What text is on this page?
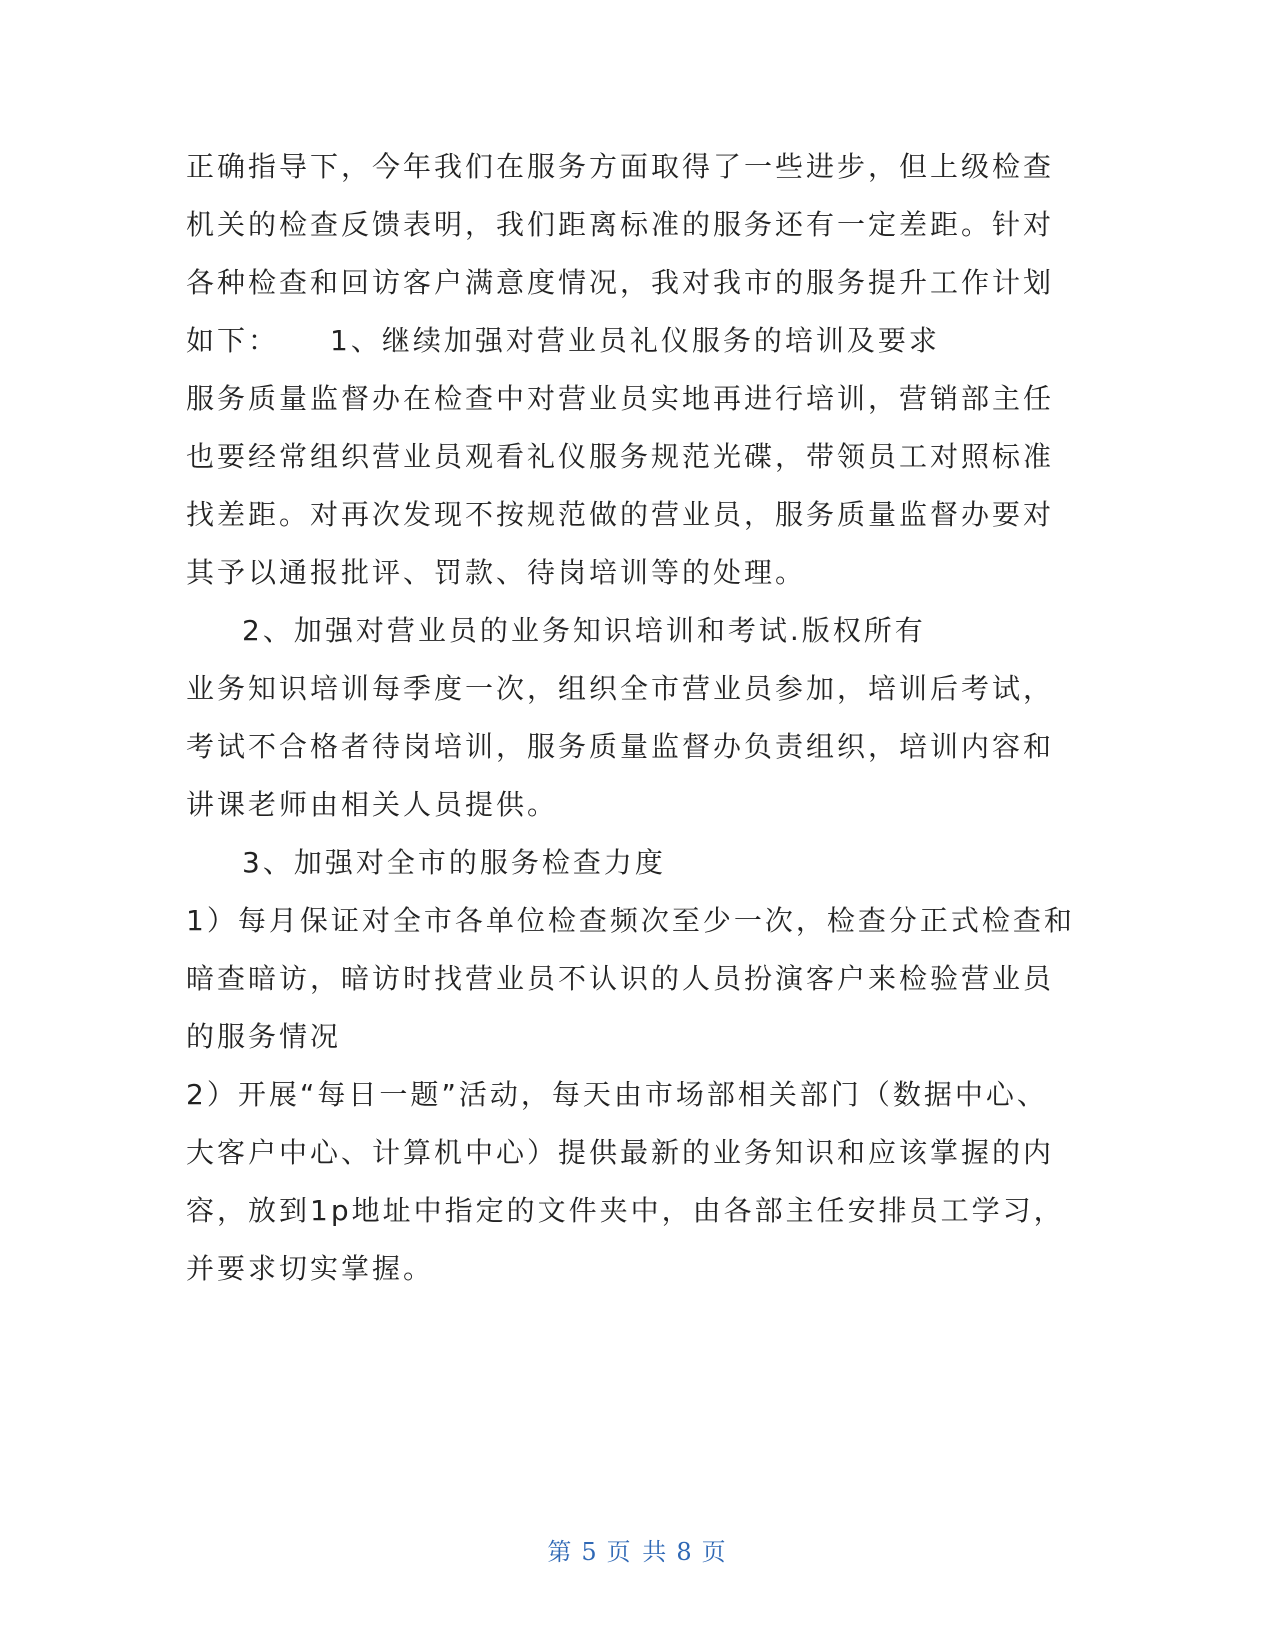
正确指导下，今年我们在服务方面取得了一些进步，但上级检查

机关的检查反馈表明，我们距离标准的服务还有一定差距。针对

各种检查和回访客户满意度情况，我对我市的服务提升工作计划

如下： 1、继续加强对营业员礼仪服务的培训及要求

服务质量监督办在检查中对营业员实地再进行培训，营销部主任

也要经常组织营业员观看礼仪服务规范光碟，带领员工对照标准

找差距。对再次发现不按规范做的营业员，服务质量监督办要对

其予以通报批评、罚款、待岗培训等的处理。

2、加强对营业员的业务知识培训和考试.版权所有

业务知识培训每季度一次，组织全市营业员参加，培训后考试，

考试不合格者待岗培训，服务质量监督办负责组织，培训内容和

讲课老师由相关人员提供。

3、加强对全市的服务检查力度

1）每月保证对全市各单位检查频次至少一次，检查分正式检查和

暗查暗访，暗访时找营业员不认识的人员扮演客户来检验营业员

的服务情况

2）开展“每日一题”活动，每天由市场部相关部门（数据中心、

大客户中心、计算机中心）提供最新的业务知识和应该掌握的内

容，放到1p地址中指定的文件夹中，由各部主任安排员工学习，

并要求切实掌握。

第 5 页 共 8 页
